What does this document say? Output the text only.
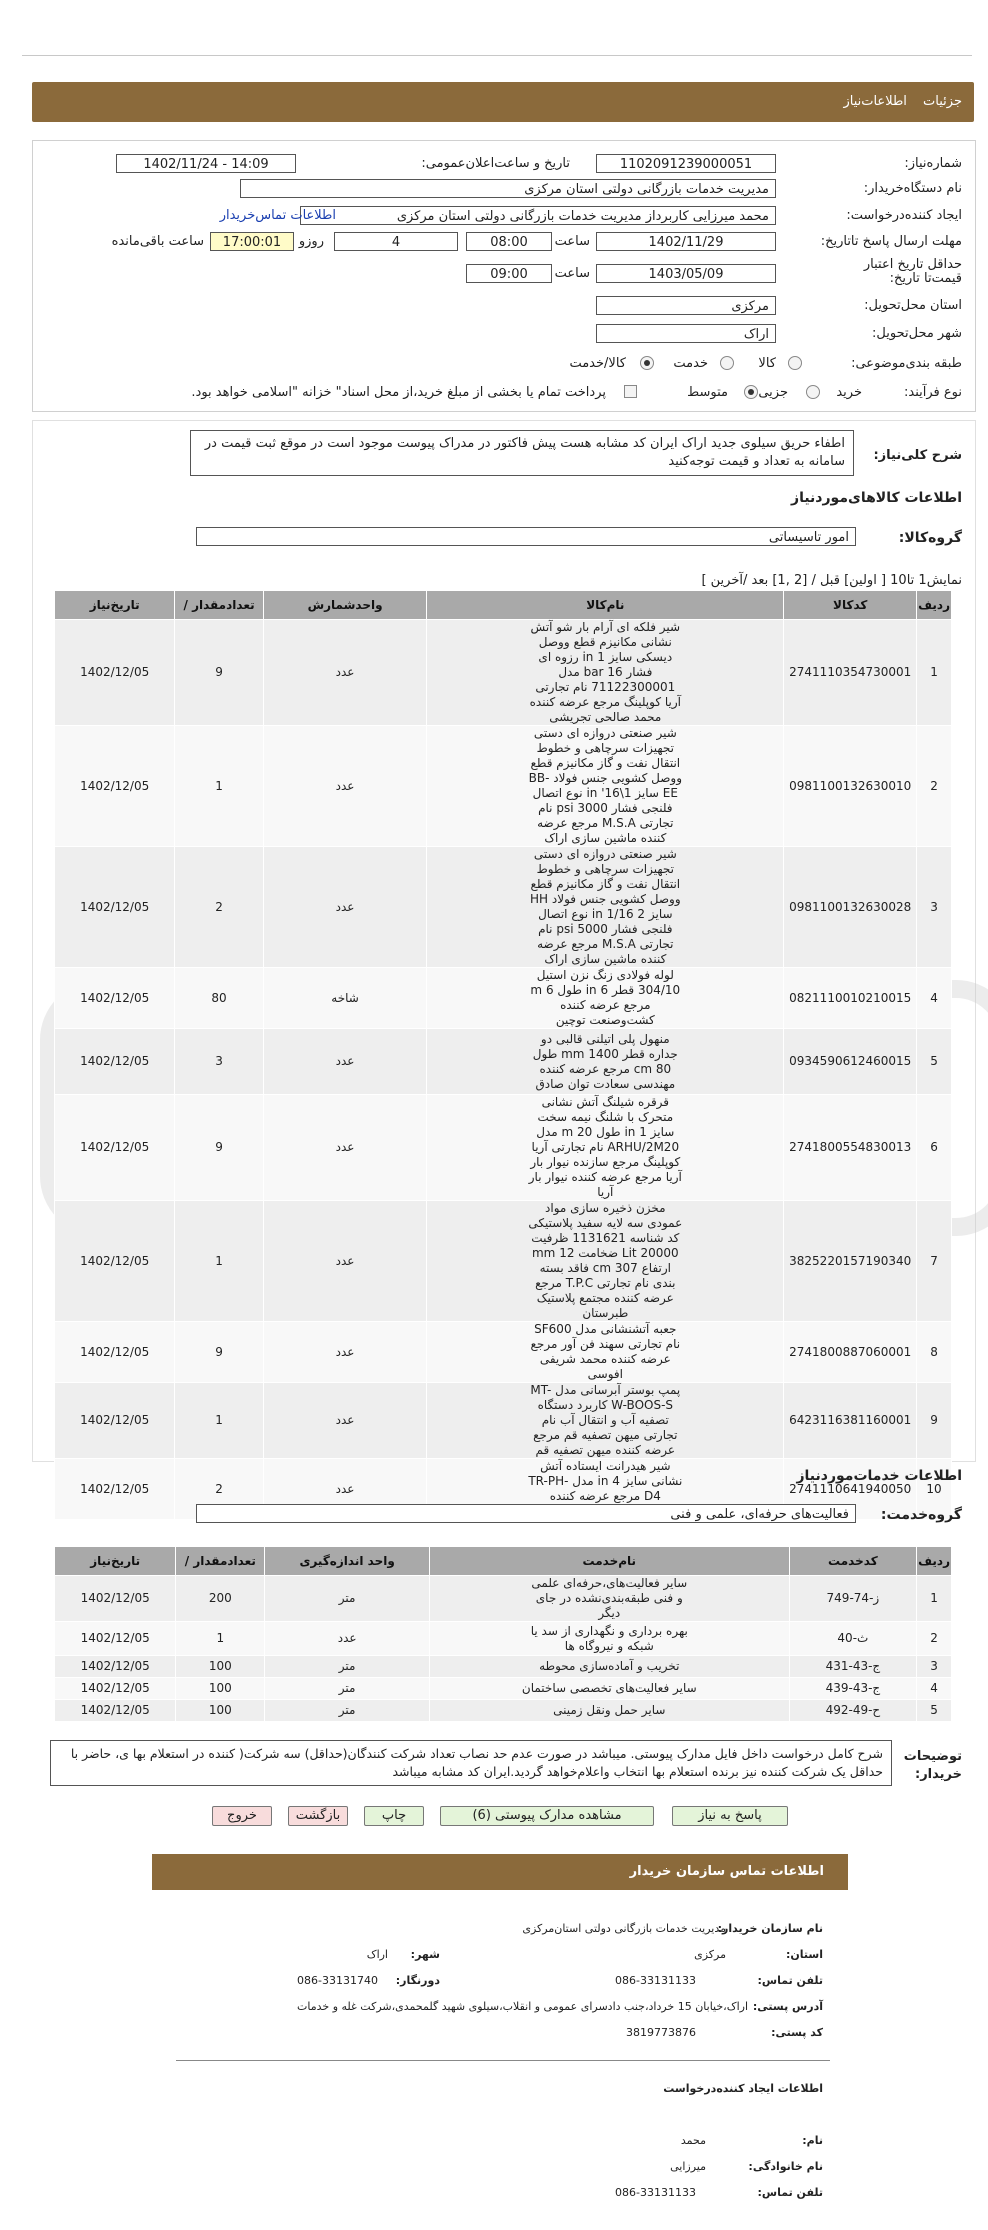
جزئیات اطلاعات‌نیاز
شماره‌نیاز:
1102091239000051
تاریخ و ساعت‌اعلان‌عمومی:
1402/11/24 - 14:09
نام دستگاه‌خریدار:
مدیریت خدمات بازرگانی دولتی استان مرکزی
ایجاد کننده‌درخواست:
محمد میرزایی کاربرداز مدیریت خدمات بازرگانی دولتی استان مرکزی
اطلاعات تماس‌خریدار
مهلت ارسال پاسخ تا‌تاریخ:
1402/11/29
ساعت
08:00
4
روزو
17:00:01
ساعت باقی‌مانده
حداقل تاریخ اعتبار قیمت‌تا تاریخ:
1403/05/09
ساعت
09:00
استان محل‌تحویل:
مرکزی
شهر محل‌تحویل:
اراک
طبقه بندی‌موضوعی:
کالا
خدمت
کالا/خدمت
نوع فرآیند:
خرید
جزیی
متوسط
پرداخت تمام یا بخشی از مبلغ خرید،از محل اسناد" خزانه "اسلامی خواهد بود.
شرح کلی‌نیاز:
اطفاء حریق سیلوی جدید اراک ایران کد مشابه هست پیش فاکتور در مدراک پیوست موجود است در موقع ثبت قیمت در سامانه به تعداد و قیمت توجه‌کنید
اطلاعات کالاهای‌مورد‌نیاز
گروه‌کالا:
امور تاسیساتی
نمایش1 تا10 [ اولین] قبل / [2 ,1] بعد /آخرین ]
ردیف	کدکالا	نام‌کالا	واحدشمارش	تعدادمقدار /	تاریخ‌نیاز
1	2741110354730001	شیر فلکه ای آرام بار شو آتش نشانی مکانیزم قطع ووصل دیسکی سایز 1 in رزوه ای فشار 16 bar مدل 71122300001 نام تجارتی آریا کوپلینگ مرجع عرضه کننده محمد صالحی تجریشی	عدد	9	1402/12/05
2	0981100132630010	شیر صنعتی دروازه ای دستی تجهیزات سرچاهی و خطوط انتقال نفت و گاز مکانیزم قطع ووصل کشویی جنس فولاد BB-EE سایز 1\16' in نوع اتصال فلنجی فشار 3000 psi نام تجارتی M.S.A مرجع عرضه کننده ماشین سازی اراک	عدد	1	1402/12/05
3	0981100132630028	شیر صنعتی دروازه ای دستی تجهیزات سرچاهی و خطوط انتقال نفت و گاز مکانیزم قطع ووصل کشویی جنس فولاد HH سایز 2 1/16 in نوع اتصال فلنجی فشار 5000 psi نام تجارتی M.S.A مرجع عرضه کننده ماشین سازی اراک	عدد	2	1402/12/05
4	0821110010210015	لوله فولادی زنگ نزن استیل 304/10 قطر 6 in طول 6 m مرجع عرضه کننده کشت‌وصنعت توچین	شاخه	80	1402/12/05
5	0934590612460015	منهول پلی اتیلنی قالبی دو جداره قطر 1400 mm طول 80 cm مرجع عرضه کننده مهندسی سعادت توان صادق	عدد	3	1402/12/05
6	2741800554830013	قرقره شیلنگ آتش نشانی متحرک با شلنگ نیمه سخت سایز 1 in طول 20 m مدل ARHU/2M20 نام تجارتی آریا کوپلینگ مرجع سازنده نیوار بار آریا مرجع عرضه کننده نیوار بار آریا	عدد	9	1402/12/05
7	3825220157190340	مخزن ذخیره سازی مواد عمودی سه لایه سفید پلاستیکی کد شناسه 1131621 ظرفیت 20000 Lit ضخامت 12 mm ارتفاع 307 cm فاقد بسته بندی نام تجارتی T.P.C مرجع عرضه کننده مجتمع پلاستیک طبرستان	عدد	1	1402/12/05
8	2741800887060001	جعبه آتشنشانی مدل SF600 نام تجارتی سهند فن آور مرجع عرضه کننده محمد شریفی افوسی	عدد	9	1402/12/05
9	6423116381160001	پمپ بوستر آبرسانی مدل MT-W-BOOS-S کاربرد دستگاه تصفیه آب و انتقال آب نام تجارتی میهن تصفیه قم مرجع عرضه کننده میهن تصفیه قم	عدد	1	1402/12/05
10	2741110641940050	شیر هیدرانت ایستاده آتش نشانی سایز 4 in مدل TR-PH-D4 مرجع عرضه کننده	عدد	2	1402/12/05
اطلاعات خدمات‌مورد‌نیاز
گروه‌خدمت:
فعالیت‌های حرفه‌ای، علمی و فنی
ردیف	کدخدمت	نام‌خدمت	واحد اندازه‌گیری	تعدادمقدار /	تاریخ‌نیاز
1	ز-74-749	سایر فعالیت‌های،حرفه‌ای علمی و فنی طبقه‌بندی‌نشده در جای دیگر	متر	200	1402/12/05
2	ث-40	بهره برداری و نگهداری از سد یا شبکه و نیروگاه ها	عدد	1	1402/12/05
3	ج-43-431	تخریب و آماده‌سازی محوطه	متر	100	1402/12/05
4	ج-43-439	سایر فعالیت‌های تخصصی ساختمان	متر	100	1402/12/05
5	ح-49-492	سایر حمل ونقل زمینی	متر	100	1402/12/05
توضیحات خریدار:
شرح کامل درخواست داخل فایل مدارک پیوستی. میباشد در صورت عدم حد نصاب تعداد شرکت کنندگان(حداقل) سه شرکت( کننده در استعلام بها ی، حاضر با حداقل یک شرکت کننده نیز برنده استعلام بها انتخاب واعلام‌خواهد گردید.ایران کد مشابه میباشد
پاسخ به نیاز
مشاهده مدارک پیوستی (6)
چاپ
بازگشت
خروج
اطلاعات تماس سازمان خریدار
نام سازمان خریدار:
مدیریت خدمات بازرگانی دولتی استان‌مرکزی
استان:
مرکزی
شهر:
اراک
تلفن تماس:
086-33131133
دورنگار:
086-33131740
آدرس پستی:
اراک،خیابان 15 خرداد،جنب دادسرای عمومی و انقلاب،سیلوی شهید گلمحمدی،شرکت غله و خدمات
کد پستی:
3819773876
اطلاعات ایجاد کننده‌درخواست
نام:
محمد
نام خانوادگی:
میرزایی
تلفن تماس:
086-33131133
